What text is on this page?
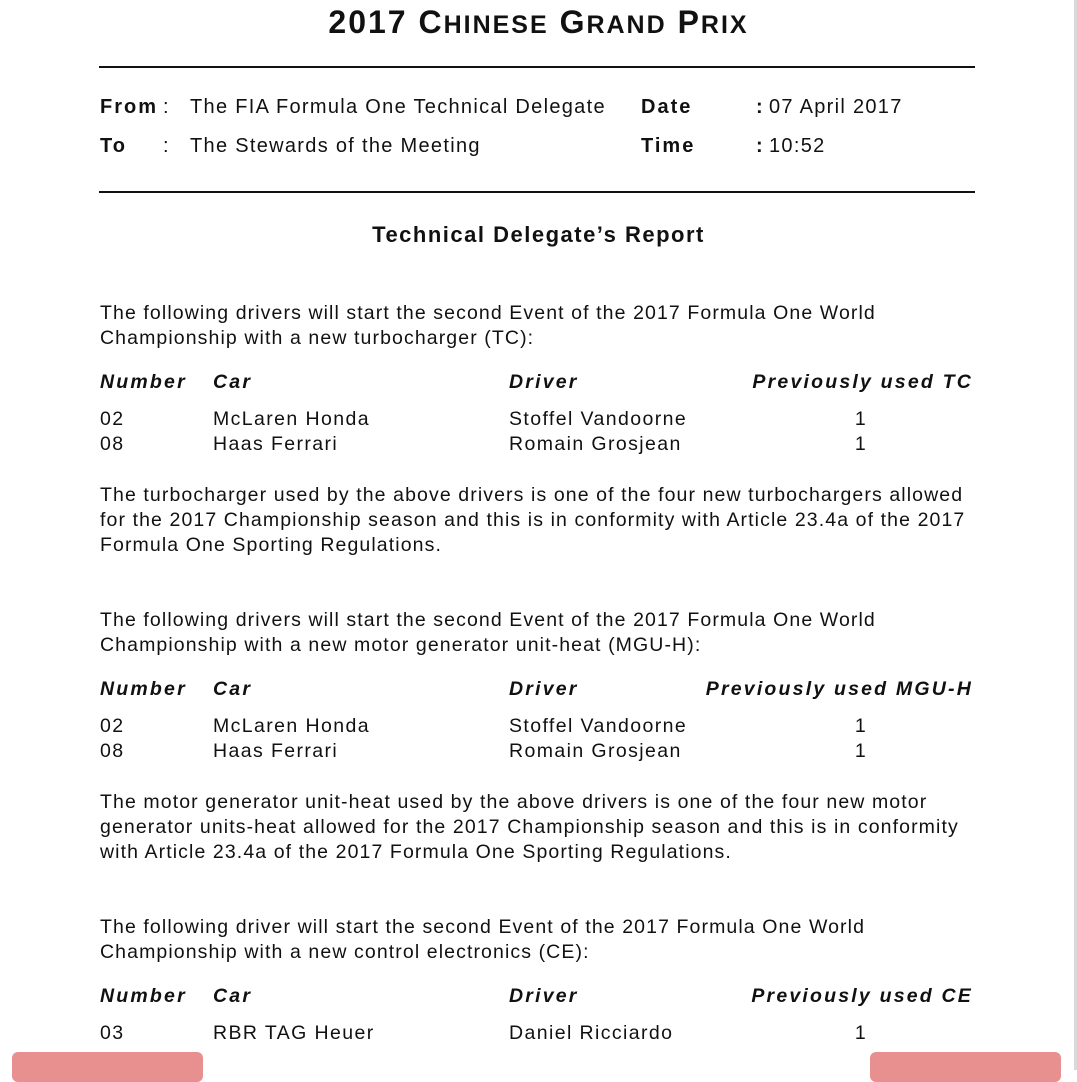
2017 CHINESE GRAND PRIX
From : The FIA Formula One Technical Delegate
To : The Stewards of the Meeting
Date	: 07 April 2017
Time	: 10:52
Technical Delegate’s Report
The following drivers will start the second Event of the 2017 Formula One World
Championship with a new turbocharger (TC):
Number Car	Driver	Previously used TC
02	McLaren Honda	Stoffel Vandoorne	1
08	Haas Ferrari	Romain Grosjean	1
The turbocharger used by the above drivers is one of the four new turbochargers allowed
for the 2017 Championship season and this is in conformity with Article 23.4a of the 2017
Formula One Sporting Regulations.
The following drivers will start the second Event of the 2017 Formula One World
Championship with a new motor generator unit-heat (MGU-H):
Number Car	Driver	Previously used MGU-H
02	McLaren Honda	Stoffel Vandoorne	1
08	Haas Ferrari	Romain Grosjean	1
The motor generator unit-heat used by the above drivers is one of the four new motor
generator units-heat allowed for the 2017 Championship season and this is in conformity
with Article 23.4a of the 2017 Formula One Sporting Regulations.
The following driver will start the second Event of the 2017 Formula One World
Championship with a new control electronics (CE):
Number Car	Driver	Previously used CE
03	RBR TAG Heuer	Daniel Ricciardo	1
